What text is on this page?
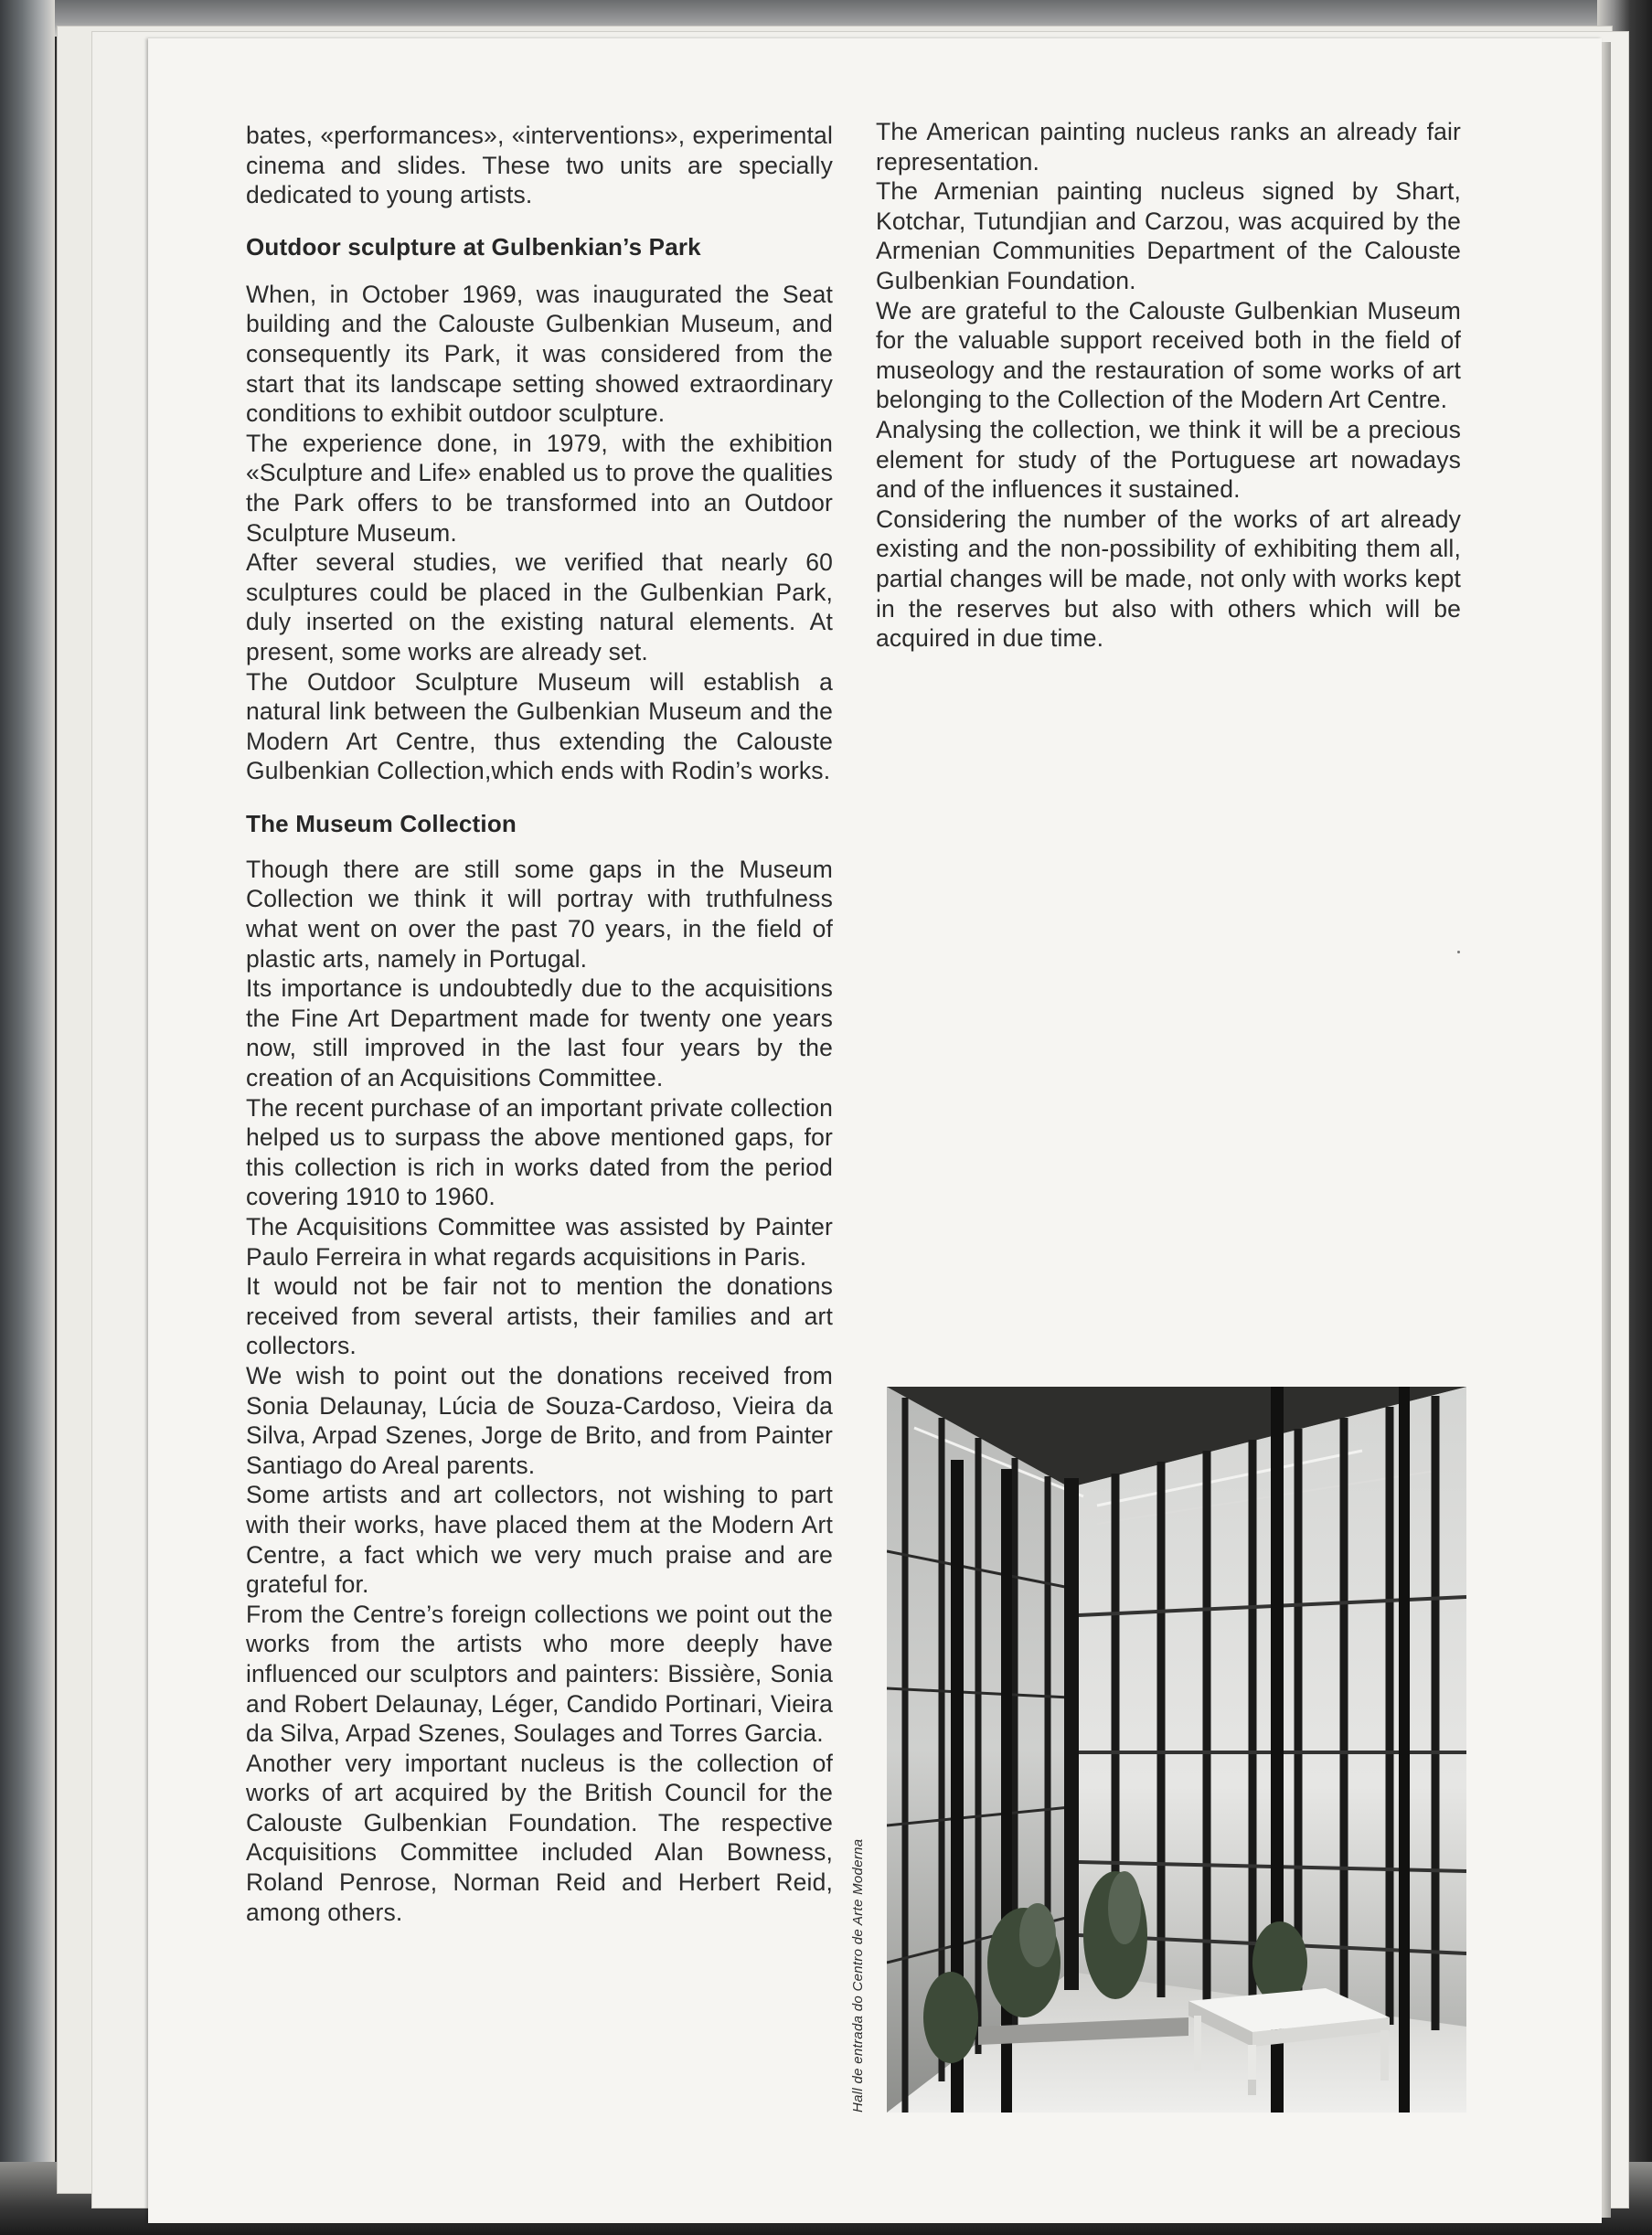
bates, «performances», «interventions», experimental cinema and slides. These two units are specially dedicated to young artists.

Outdoor sculpture at Gulbenkian’s Park

When, in October 1969, was inaugurated the Seat building and the Calouste Gulbenkian Museum, and consequently its Park, it was considered from the start that its landscape setting showed extraordinary conditions to exhibit outdoor sculpture.

The experience done, in 1979, with the exhibition «Sculpture and Life» enabled us to prove the qualities the Park offers to be transformed into an Outdoor Sculpture Museum.

After several studies, we verified that nearly 60 sculptures could be placed in the Gulbenkian Park, duly inserted on the existing natural elements. At present, some works are already set.

The Outdoor Sculpture Museum will establish a natural link between the Gulbenkian Museum and the Modern Art Centre, thus extending the Calouste Gulbenkian Collection,which ends with Rodin’s works.

The Museum Collection

Though there are still some gaps in the Museum Collection we think it will portray with truthfulness what went on over the past 70 years, in the field of plastic arts, namely in Portugal.

Its importance is undoubtedly due to the acquisitions the Fine Art Department made for twenty one years now, still improved in the last four years by the creation of an Acquisitions Committee.

The recent purchase of an important private collection helped us to surpass the above mentioned gaps, for this collection is rich in works dated from the period covering 1910 to 1960.

The Acquisitions Committee was assisted by Painter Paulo Ferreira in what regards acquisitions in Paris.

It would not be fair not to mention the donations received from several artists, their families and art collectors.

We wish to point out the donations received from Sonia Delaunay, Lúcia de Souza-Cardoso, Vieira da Silva, Arpad Szenes, Jorge de Brito, and from Painter Santiago do Areal parents.

Some artists and art collectors, not wishing to part with their works, have placed them at the Modern Art Centre, a fact which we very much praise and are grateful for.

From the Centre’s foreign collections we point out the works from the artists who more deeply have influenced our sculptors and painters: Bissière, Sonia and Robert Delaunay, Léger, Candido Portinari, Vieira da Silva, Arpad Szenes, Soulages and Torres Garcia.

Another very important nucleus is the collection of works of art acquired by the British Council for the Calouste Gulbenkian Foundation. The respective Acquisitions Committee included Alan Bowness, Roland Penrose, Norman Reid and Herbert Reid, among others.

The American painting nucleus ranks an already fair representation.

The Armenian painting nucleus signed by Shart, Kotchar, Tutundjian and Carzou, was acquired by the Armenian Communities Department of the Calouste Gulbenkian Foundation.

We are grateful to the Calouste Gulbenkian Museum for the valuable support received both in the field of museology and the restauration of some works of art belonging to the Collection of the Modern Art Centre.

Analysing the collection, we think it will be a precious element for study of the Portuguese art nowadays and of the influences it sustained.

Considering the number of the works of art already existing and the non-possibility of exhibiting them all, partial changes will be made, not only with works kept in the reserves but also with others which will be acquired in due time.

Hall de entrada do Centro de Arte Moderna
